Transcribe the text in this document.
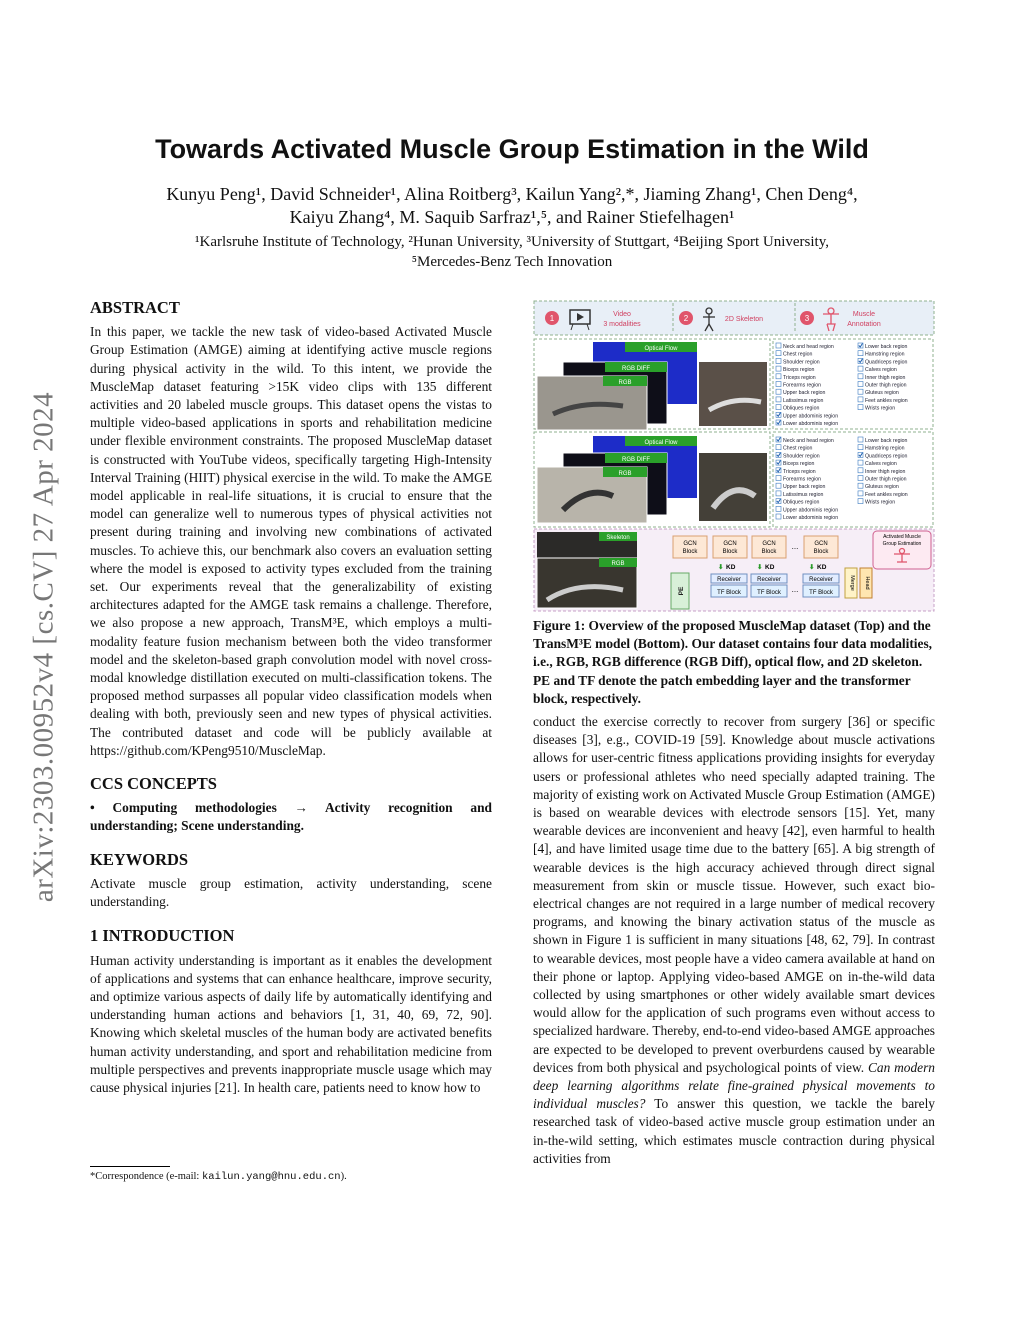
Towards Activated Muscle Group Estimation in the Wild
Kunyu Peng¹, David Schneider¹, Alina Roitberg³, Kailun Yang²,*, Jiaming Zhang¹, Chen Deng⁴,
Kaiyu Zhang⁴, M. Saquib Sarfraz¹,⁵, and Rainer Stiefelhagen¹
¹Karlsruhe Institute of Technology, ²Hunan University, ³University of Stuttgart, ⁴Beijing Sport University,
⁵Mercedes-Benz Tech Innovation
arXiv:2303.00952v4 [cs.CV] 27 Apr 2024
ABSTRACT

In this paper, we tackle the new task of video-based Activated Muscle Group Estimation (AMGE) aiming at identifying active muscle regions during physical activity in the wild. To this intent, we provide the MuscleMap dataset featuring >15K video clips with 135 different activities and 20 labeled muscle groups. This dataset opens the vistas to multiple video-based applications in sports and rehabilitation medicine under flexible environment constraints. The proposed MuscleMap dataset is constructed with YouTube videos, specifically targeting High-Intensity Interval Training (HIIT) physical exercise in the wild. To make the AMGE model applicable in real-life situations, it is crucial to ensure that the model can generalize well to numerous types of physical activities not present during training and involving new combinations of activated muscles. To achieve this, our benchmark also covers an evaluation setting where the model is exposed to activity types excluded from the training set. Our experiments reveal that the generalizability of existing architectures adapted for the AMGE task remains a challenge. Therefore, we also propose a new approach, TransM³E, which employs a multi-modality feature fusion mechanism between both the video transformer model and the skeleton-based graph convolution model with novel cross-modal knowledge distillation executed on multi-classification tokens. The proposed method surpasses all popular video classification models when dealing with both, previously seen and new types of physical activities. The contributed dataset and code will be publicly available at https://github.com/KPeng9510/MuscleMap.

CCS CONCEPTS

• Computing methodologies → Activity recognition and understanding; Scene understanding.

KEYWORDS

Activate muscle group estimation, activity understanding, scene understanding.

1 INTRODUCTION

Human activity understanding is important as it enables the development of applications and systems that can enhance healthcare, improve security, and optimize various aspects of daily life by automatically identifying and understanding human actions and behaviors [1, 31, 40, 69, 72, 90]. Knowing which skeletal muscles of the human body are activated benefits human activity understanding, and sport and rehabilitation medicine from multiple perspectives and prevents inappropriate muscle usage which may cause physical injuries [21]. In health care, patients need to know how to

*Correspondence (e-mail: kailun.yang@hnu.edu.cn).
1	Video
3 modalities
2	2D Skeleton	3	Muscle
Annotation
Optical Flow
RGB DIFF
RGB
Optical Flow
RGB DIFF
RGB
Neck and head region
Chest region
Shoulder region
Biceps region
Triceps region
Forearms region
Upper back region
Latissimus region
Obliques region
Upper abdominis region
Lower abdominis region
Lower back region
Hamstring region
Quadriceps region
Calves region
Inner thigh region
Outer thigh region
Gluteus region
Feet ankles region
Wrists region
Neck and head region
Chest region
Shoulder region
Biceps region
Triceps region
Forearms region
Upper back region
Latissimus region
Obliques region
Upper abdominis region
Lower abdominis region
Lower back region
Hamstring region
Quadriceps region
Calves region
Inner thigh region
Outer thigh region
Gluteus region
Feet ankles region
Wrists region
Skeleton
RGB
PE
GCN
Block
GCN
Block
GCN
Block
...	GCN
Block
⬇ KD	⬇ KD	⬇ KD
Receiver
TF Block
Receiver
TF Block ...
Receiver
TF Block
Merge Head
Activated Muscle
Group Estimation
Figure 1: Overview of the proposed MuscleMap dataset (Top) and the TransM³E model (Bottom). Our dataset contains four data modalities, i.e., RGB, RGB difference (RGB Diff), optical flow, and 2D skeleton. PE and TF denote the patch embedding layer and the transformer block, respectively.

conduct the exercise correctly to recover from surgery [36] or specific diseases [3], e.g., COVID-19 [59]. Knowledge about muscle activations allows for user-centric fitness applications providing insights for everyday users or professional athletes who need specially adapted training. The majority of existing work on Activated Muscle Group Estimation (AMGE) is based on wearable devices with electrode sensors [15]. Yet, many wearable devices are inconvenient and heavy [42], even harmful to health [4], and have limited usage time due to the battery [65]. A big strength of wearable devices is the high accuracy achieved through direct signal measurement from skin or muscle tissue. However, such exact bio-electrical changes are not required in a large number of medical recovery programs, and knowing the binary activation status of the muscle as shown in Figure 1 is sufficient in many situations [48, 62, 79]. In contrast to wearable devices, most people have a video camera available at hand on their phone or laptop. Applying video-based AMGE on in-the-wild data collected by using smartphones or other widely available smart devices would allow for the application of such programs even without access to specialized hardware. Thereby, end-to-end video-based AMGE approaches are expected to be developed to prevent overburdens caused by wearable devices from both physical and psychological points of view. Can modern deep learning algorithms relate fine-grained physical movements to individual muscles? To answer this question, we tackle the barely researched task of video-based active muscle group estimation under an in-the-wild setting, which estimates muscle contraction during physical activities from
